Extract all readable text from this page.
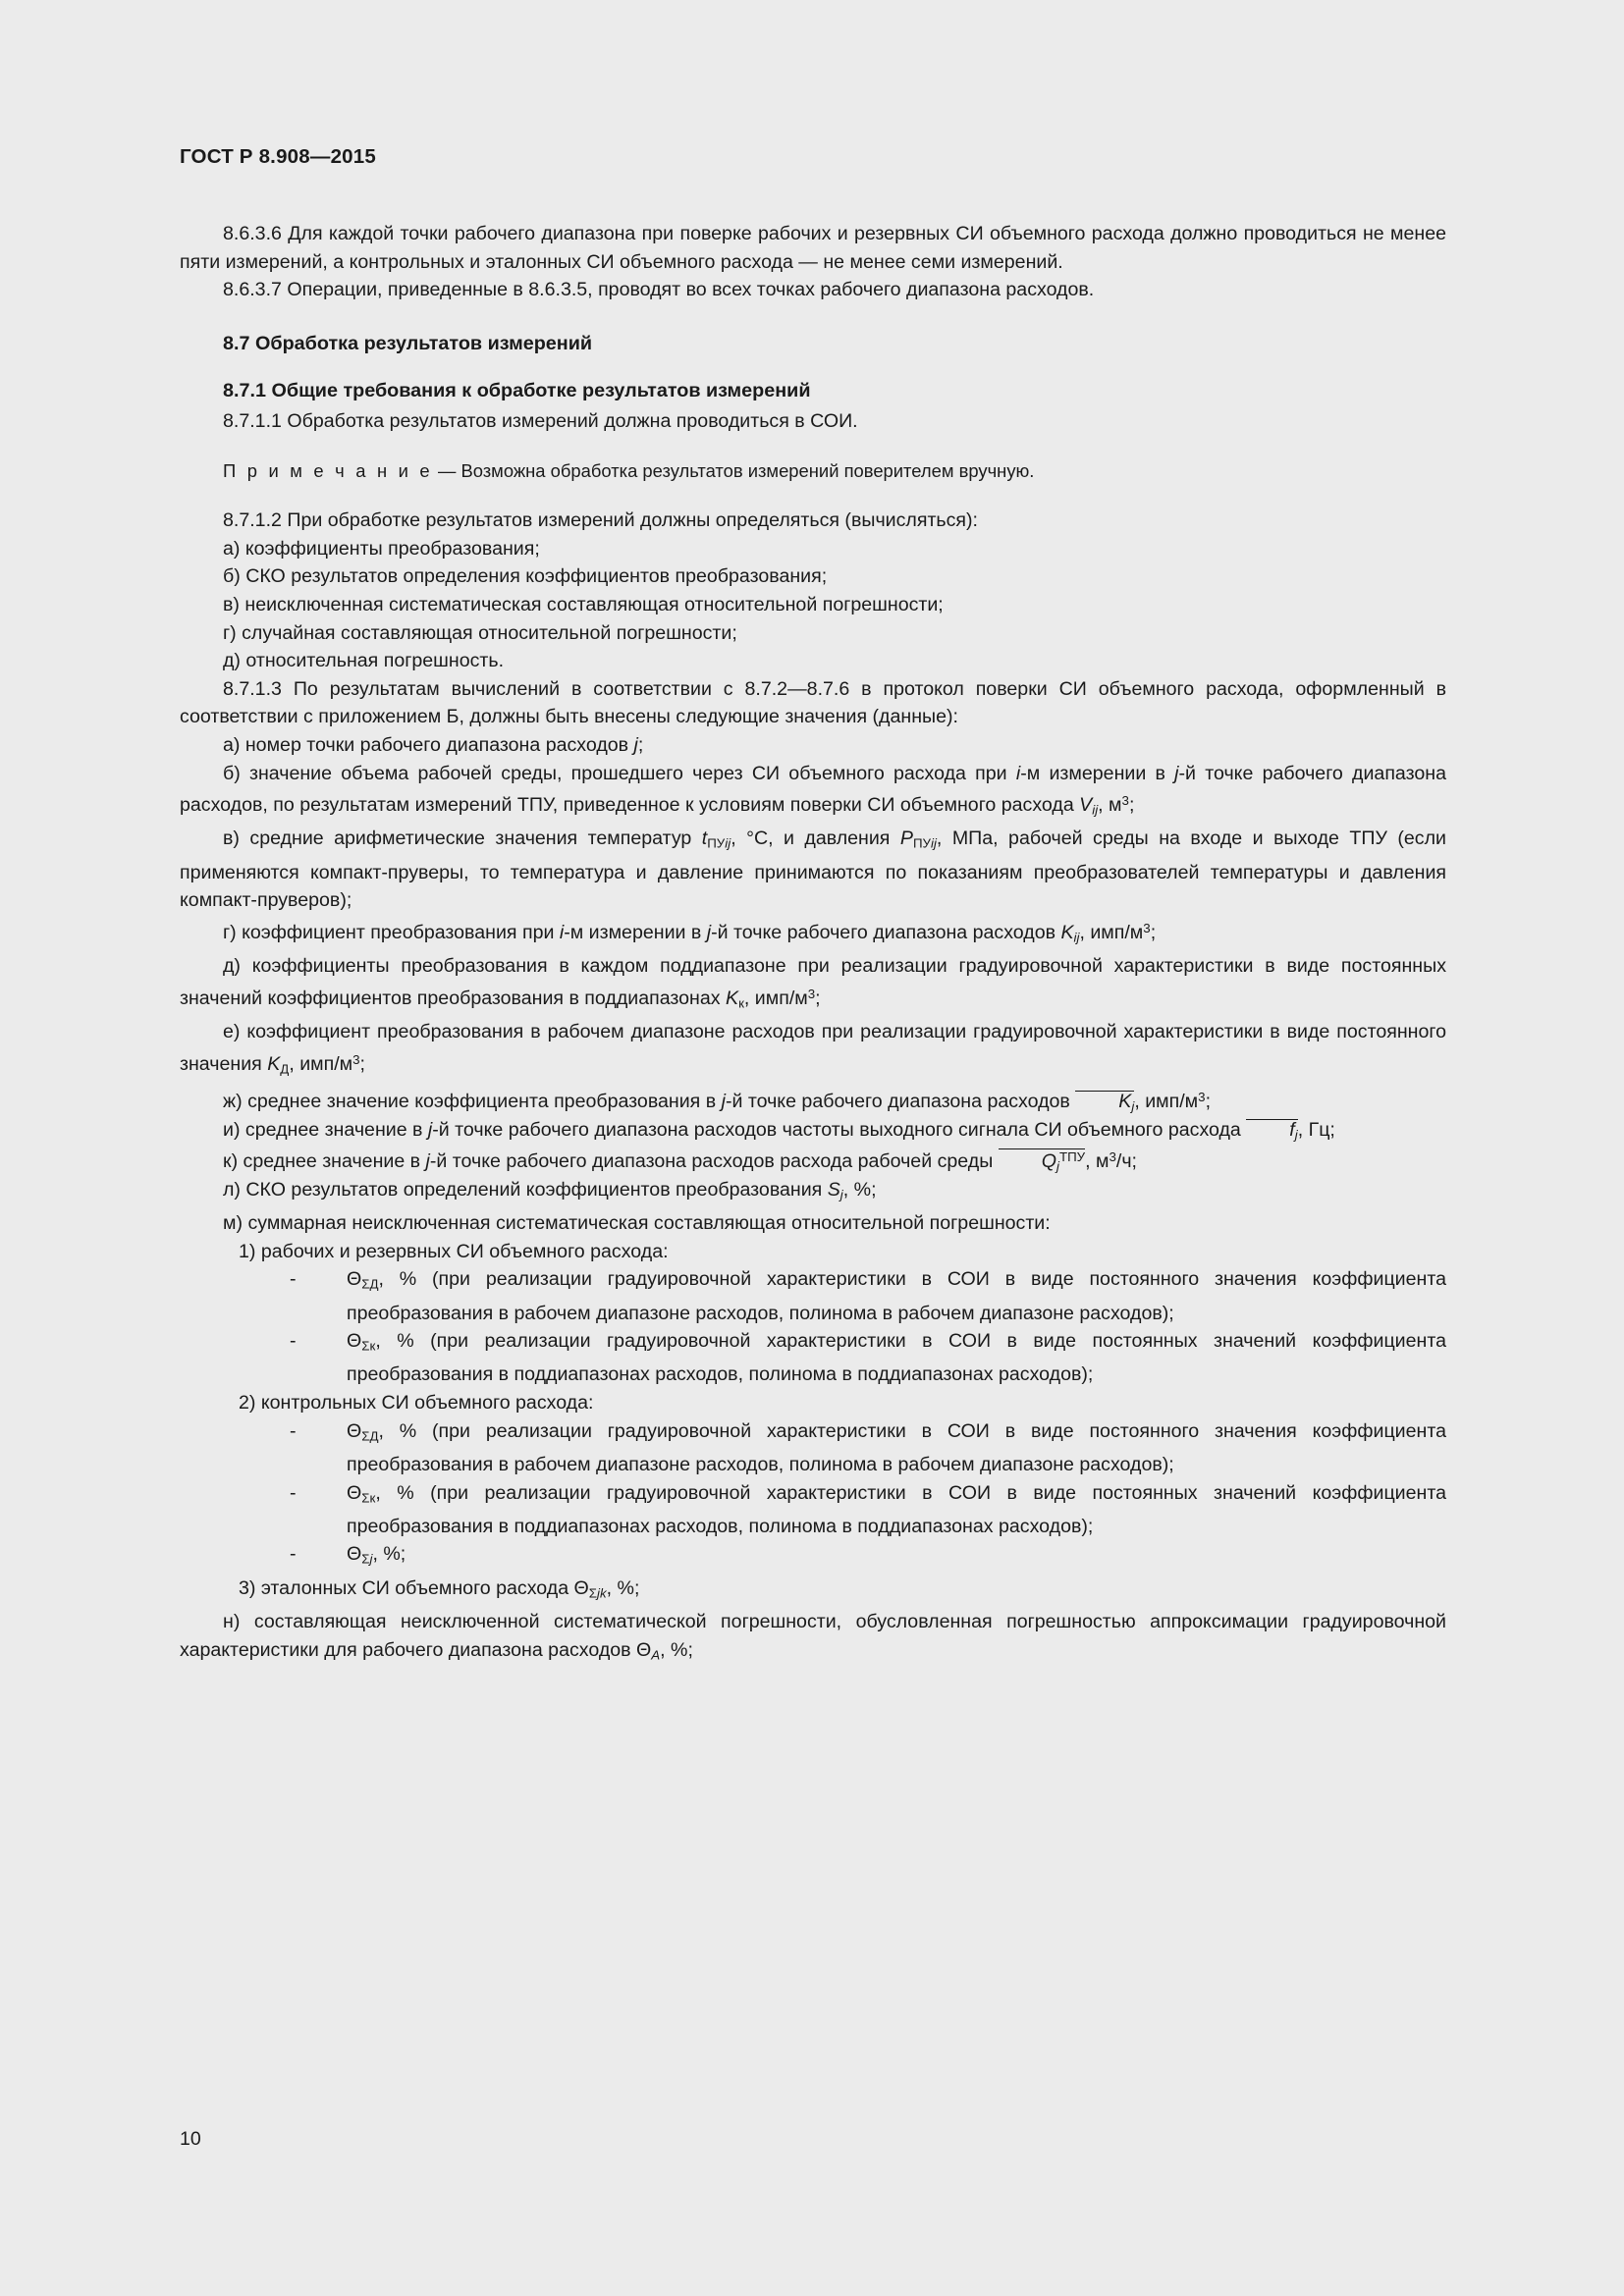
ГОСТ Р 8.908—2015

8.6.3.6 Для каждой точки рабочего диапазона при поверке рабочих и резервных СИ объемного расхода должно проводиться не менее пяти измерений, а контрольных и эталонных СИ объемного расхода — не менее семи измерений.

8.6.3.7 Операции, приведенные в 8.6.3.5, проводят во всех точках рабочего диапазона расходов.

8.7 Обработка результатов измерений

8.7.1 Общие требования к обработке результатов измерений

8.7.1.1 Обработка результатов измерений должна проводиться в СОИ.

П р и м е ч а н и е — Возможна обработка результатов измерений поверителем вручную.

8.7.1.2 При обработке результатов измерений должны определяться (вычисляться):

а) коэффициенты преобразования;

б) СКО результатов определения коэффициентов преобразования;

в) неисключенная систематическая составляющая относительной погрешности;

г) случайная составляющая относительной погрешности;

д) относительная погрешность.

8.7.1.3 По результатам вычислений в соответствии с 8.7.2—8.7.6 в протокол поверки СИ объемного расхода, оформленный в соответствии с приложением Б, должны быть внесены следующие значения (данные):

а) номер точки рабочего диапазона расходов j;

б) значение объема рабочей среды, прошедшего через СИ объемного расхода при i-м измерении в j-й точке рабочего диапазона расходов, по результатам измерений ТПУ, приведенное к условиям поверки СИ объемного расхода $V_{ij}$, $м^3$;

в) средние арифметические значения температур $t_{ПУij}$, °C, и давления $P_{ПУij}$, МПа, рабочей среды на входе и выходе ТПУ (если применяются компакт-пруверы, то температура и давление принимаются по показаниям преобразователей температуры и давления компакт-пруверов);

г) коэффициент преобразования при i-м измерении в j-й точке рабочего диапазона расходов $K_{ij}$, имп/$м^3$;

д) коэффициенты преобразования в каждом поддиапазоне при реализации градуировочной характеристики в виде постоянных значений коэффициентов преобразования в поддиапазонах $K_к$, имп/$м^3$;

е) коэффициент преобразования в рабочем диапазоне расходов при реализации градуировочной характеристики в виде постоянного значения $K_Д$, имп/$м^3$;

ж) среднее значение коэффициента преобразования в j-й точке рабочего диапазона расходов $K_j$, имп/$м^3$;

и) среднее значение в j-й точке рабочего диапазона расходов частоты выходного сигнала СИ объемного расхода $f_j$, Гц;

к) среднее значение в j-й точке рабочего диапазона расходов расхода рабочей среды $Q_j^{ТПУ}$, $м^3/ч$;

л) СКО результатов определений коэффициентов преобразования $S_j$, %;

м) суммарная неисключенная систематическая составляющая относительной погрешности:

1) рабочих и резервных СИ объемного расхода:

-	$\Theta_{\Sigma Д}$, % (при реализации градуировочной характеристики в СОИ в виде постоянного значения коэффициента преобразования в рабочем диапазоне расходов, полинома в рабочем диапазоне расходов);

-	$\Theta_{\Sigma к}$, % (при реализации градуировочной характеристики в СОИ в виде постоянных значений коэффициента преобразования в поддиапазонах расходов, полинома в поддиапазонах расходов);

2) контрольных СИ объемного расхода:

-	$\Theta_{\Sigma Д}$, % (при реализации градуировочной характеристики в СОИ в виде постоянного значения коэффициента преобразования в рабочем диапазоне расходов, полинома в рабочем диапазоне расходов);

-	$\Theta_{\Sigma к}$, % (при реализации градуировочной характеристики в СОИ в виде постоянных значений коэффициента преобразования в поддиапазонах расходов, полинома в поддиапазонах расходов);

-	$\Theta_{\Sigma j}$, %;

3) эталонных СИ объемного расхода $\Theta_{\Sigma jk}$, %;

н) составляющая неисключенной систематической погрешности, обусловленная погрешностью аппроксимации градуировочной характеристики для рабочего диапазона расходов $\Theta_A$, %;

10
